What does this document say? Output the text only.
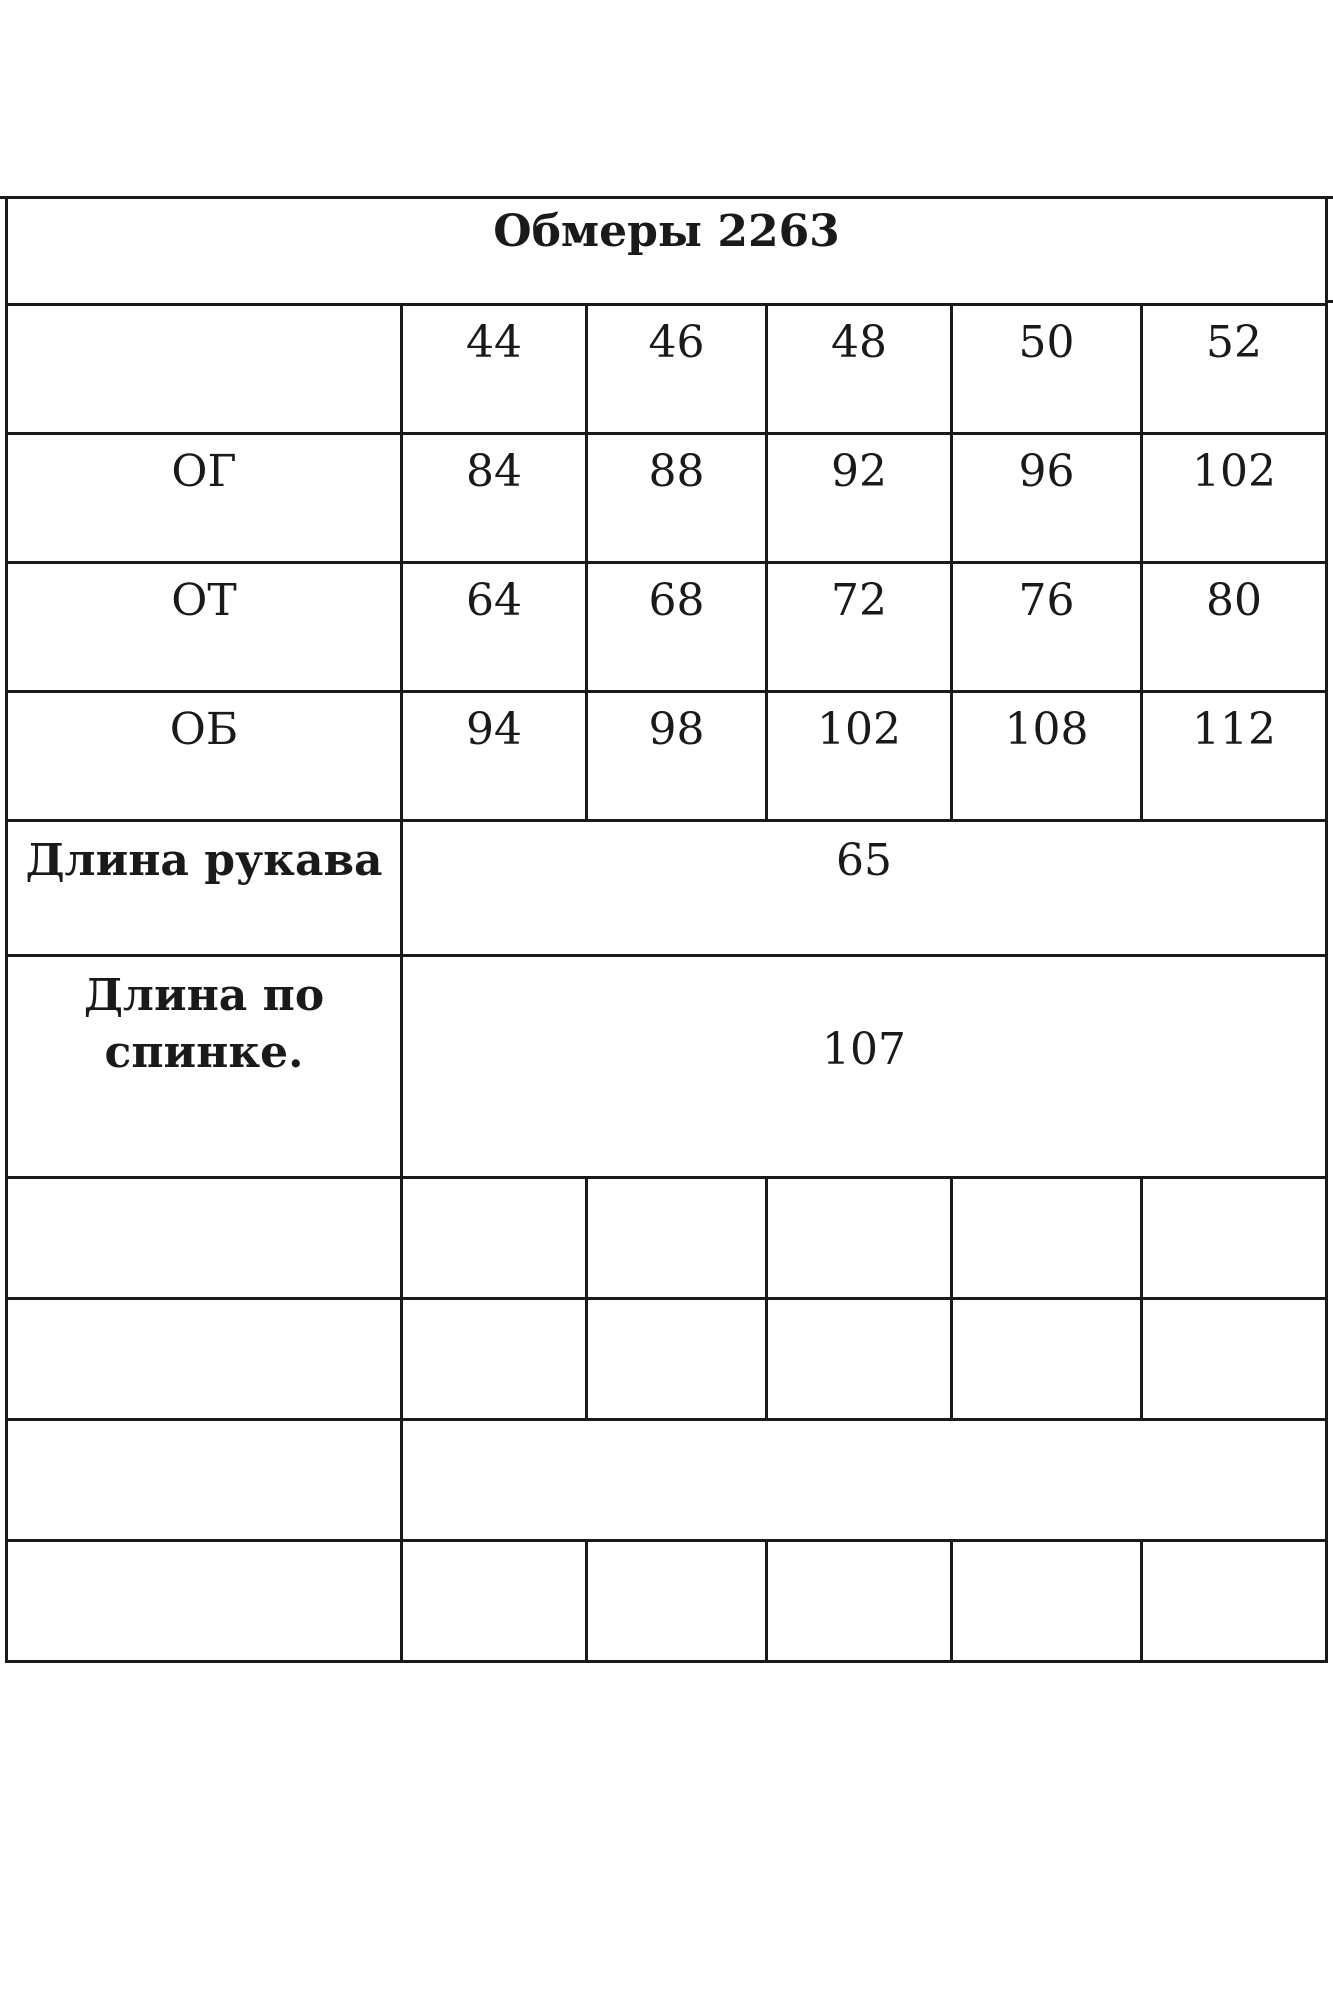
Обмеры 2263					
	44	46	48	50	52
ОГ	84	88	92	96	102
ОТ	64	68	72	76	80
ОБ	94	98	102	108	112
Длина рукава	65				

Длина по
спинке.	107				
